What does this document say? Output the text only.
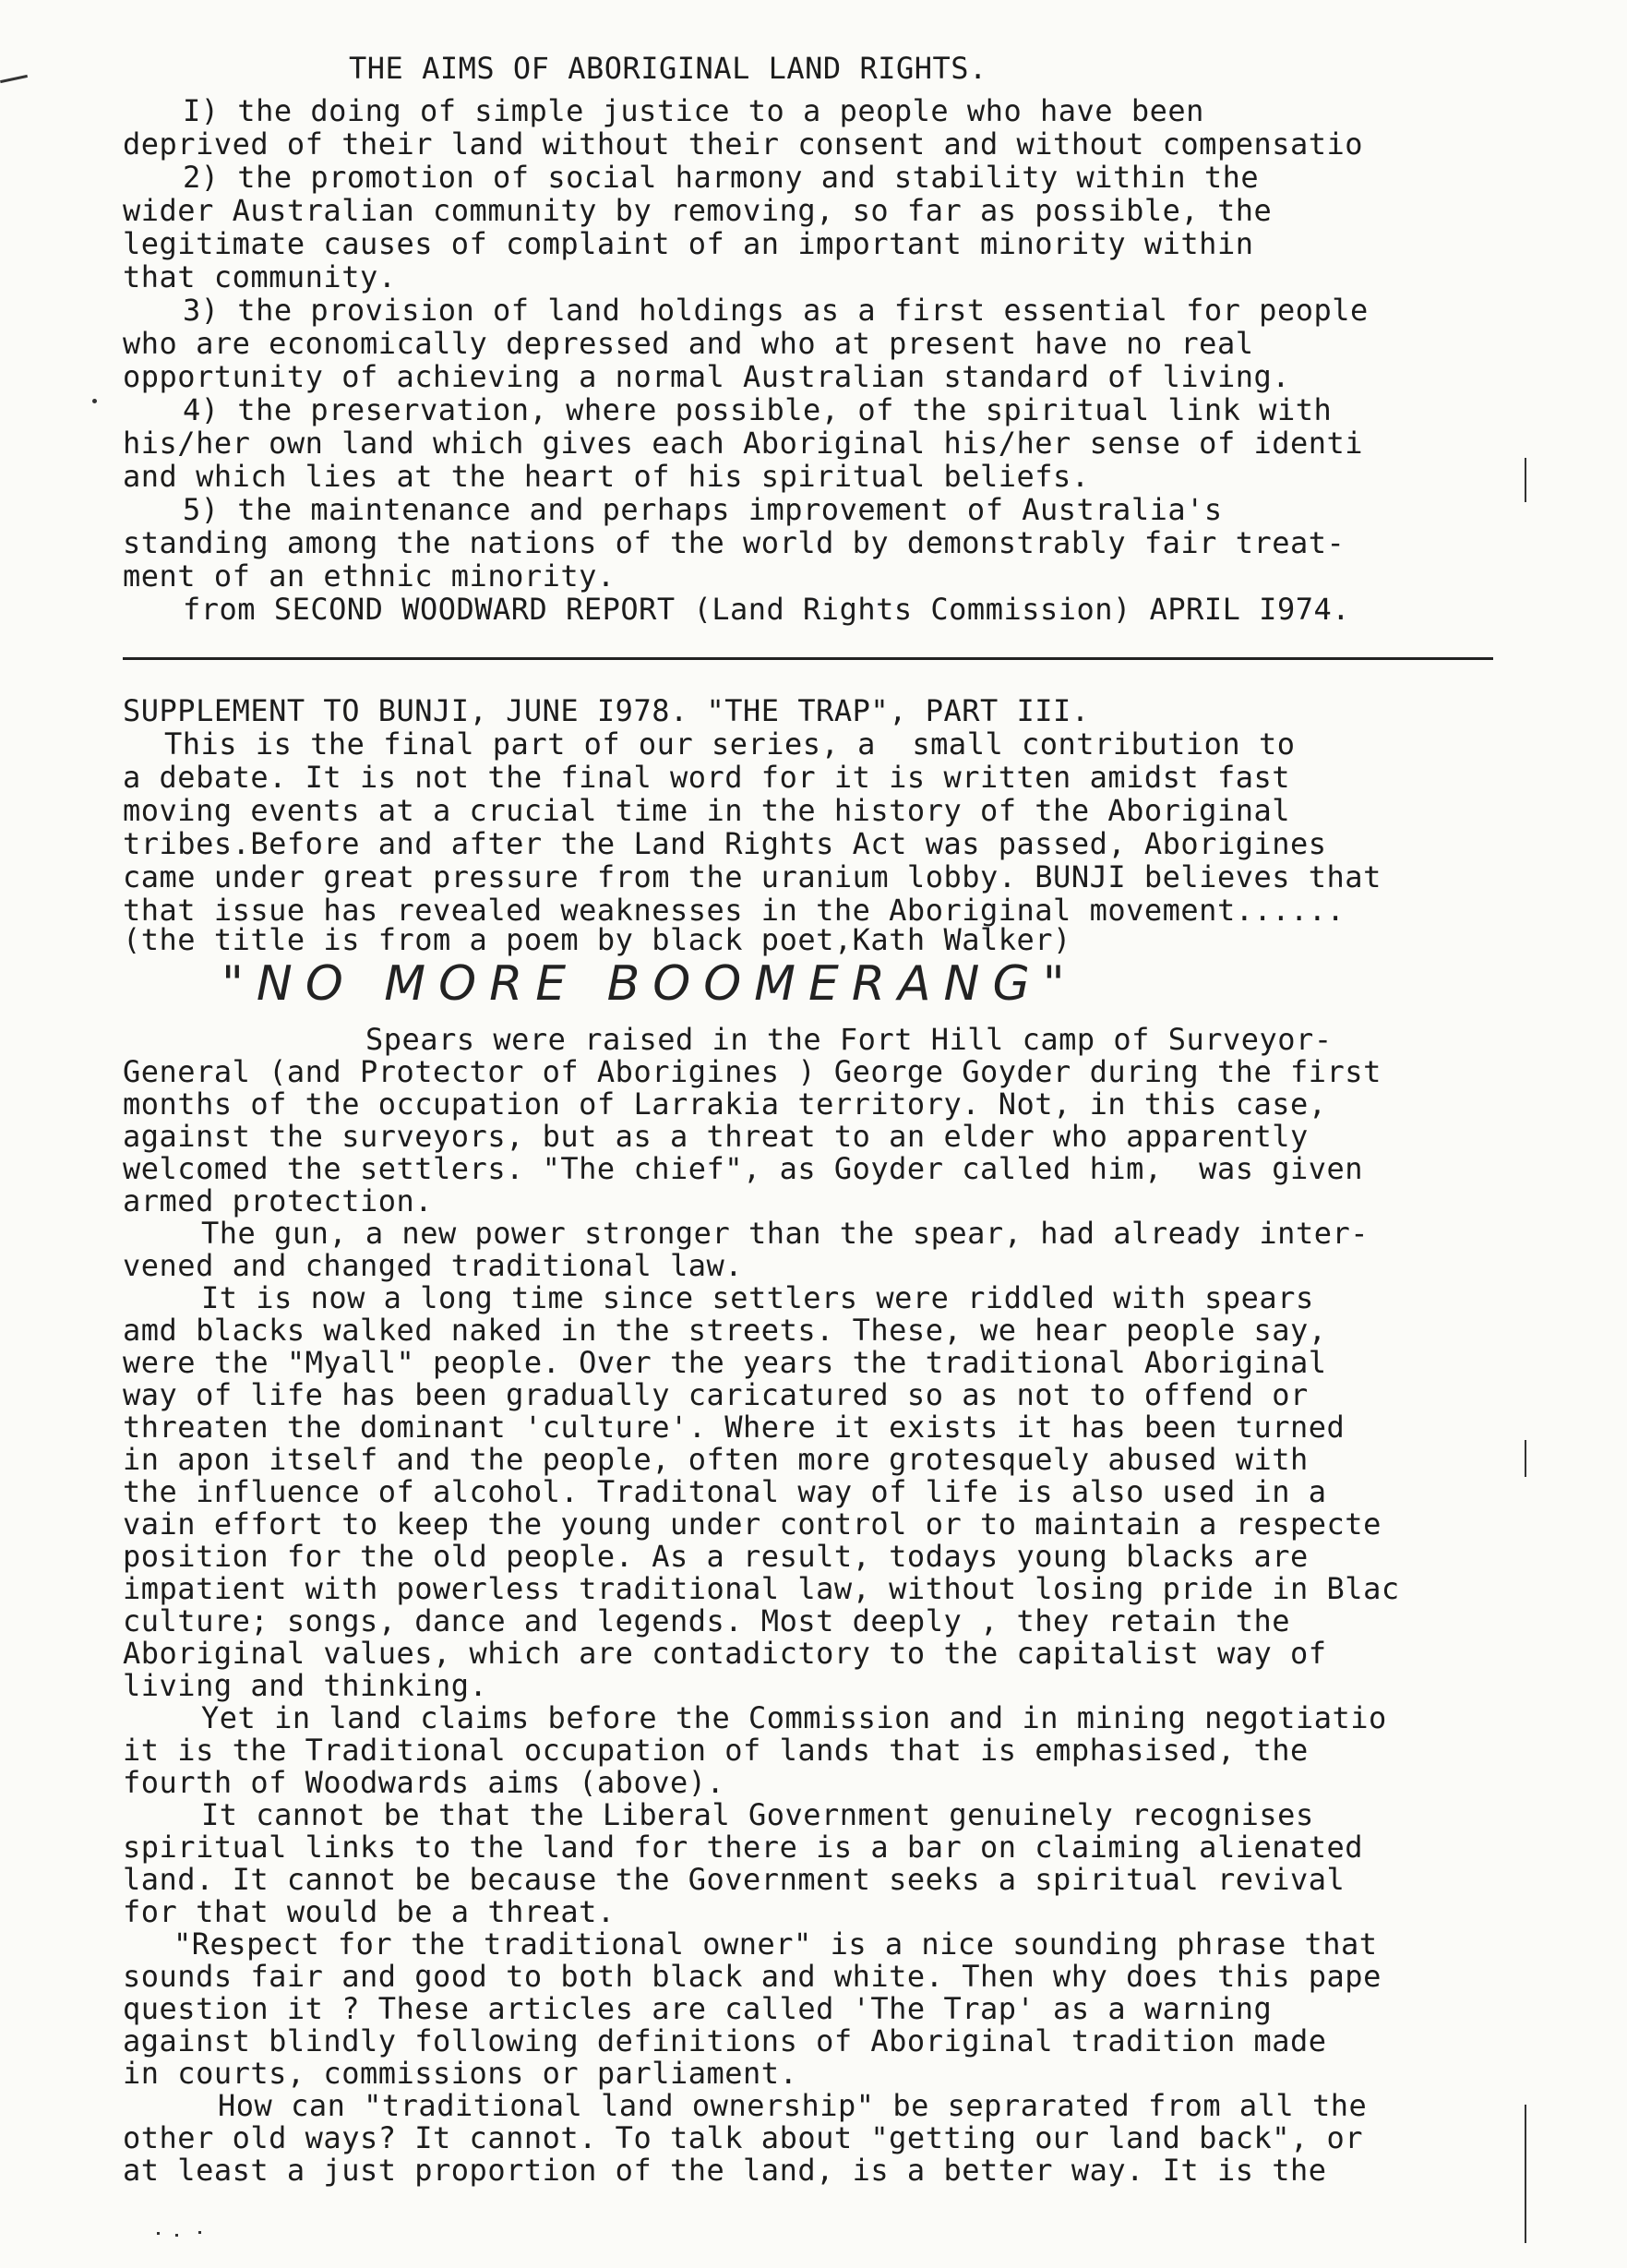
THE AIMS OF ABORIGINAL LAND RIGHTS.
I) the doing of simple justice to a people who have been
deprived of their land without their consent and without compensatio
2) the promotion of social harmony and stability within the
wider Australian community by removing, so far as possible, the
legitimate causes of complaint of an important minority within
that community.
3) the provision of land holdings as a first essential for people
who are economically depressed and who at present have no real
opportunity of achieving a normal Australian standard of living.
4) the preservation, where possible, of the spiritual link with
his/her own land which gives each Aboriginal his/her sense of identi
and which lies at the heart of his spiritual beliefs.
5) the maintenance and perhaps improvement of Australia's
standing among the nations of the world by demonstrably fair treat-
ment of an ethnic minority.
from SECOND WOODWARD REPORT (Land Rights Commission) APRIL I974.
SUPPLEMENT TO BUNJI, JUNE I978. "THE TRAP", PART III.
This is the final part of our series, a  small contribution to
a debate. It is not the final word for it is written amidst fast
moving events at a crucial time in the history of the Aboriginal
tribes.Before and after the Land Rights Act was passed, Aborigines
came under great pressure from the uranium lobby. BUNJI believes that
that issue has revealed weaknesses in the Aboriginal movement......
(the title is from a poem by black poet,Kath Walker)
"NO MORE BOOMERANG"
Spears were raised in the Fort Hill camp of Surveyor-
General (and Protector of Aborigines ) George Goyder during the first
months of the occupation of Larrakia territory. Not, in this case,
against the surveyors, but as a threat to an elder who apparently
welcomed the settlers. "The chief", as Goyder called him,  was given
armed protection.
The gun, a new power stronger than the spear, had already inter-
vened and changed traditional law.
It is now a long time since settlers were riddled with spears
amd blacks walked naked in the streets. These, we hear people say,
were the "Myall" people. Over the years the traditional Aboriginal
way of life has been gradually caricatured so as not to offend or
threaten the dominant 'culture'. Where it exists it has been turned
in apon itself and the people, often more grotesquely abused with
the influence of alcohol. Traditonal way of life is also used in a
vain effort to keep the young under control or to maintain a respecte
position for the old people. As a result, todays young blacks are
impatient with powerless traditional law, without losing pride in Blac
culture; songs, dance and legends. Most deeply , they retain the
Aboriginal values, which are contadictory to the capitalist way of
living and thinking.
Yet in land claims before the Commission and in mining negotiatio
it is the Traditional occupation of lands that is emphasised, the
fourth of Woodwards aims (above).
It cannot be that the Liberal Government genuinely recognises
spiritual links to the land for there is a bar on claiming alienated
land. It cannot be because the Government seeks a spiritual revival
for that would be a threat.
"Respect for the traditional owner" is a nice sounding phrase that
sounds fair and good to both black and white. Then why does this pape
question it ? These articles are called 'The Trap' as a warning
against blindly following definitions of Aboriginal tradition made
in courts, commissions or parliament.
How can "traditional land ownership" be seprarated from all the
other old ways? It cannot. To talk about "getting our land back", or
at least a just proportion of the land, is a better way. It is the
